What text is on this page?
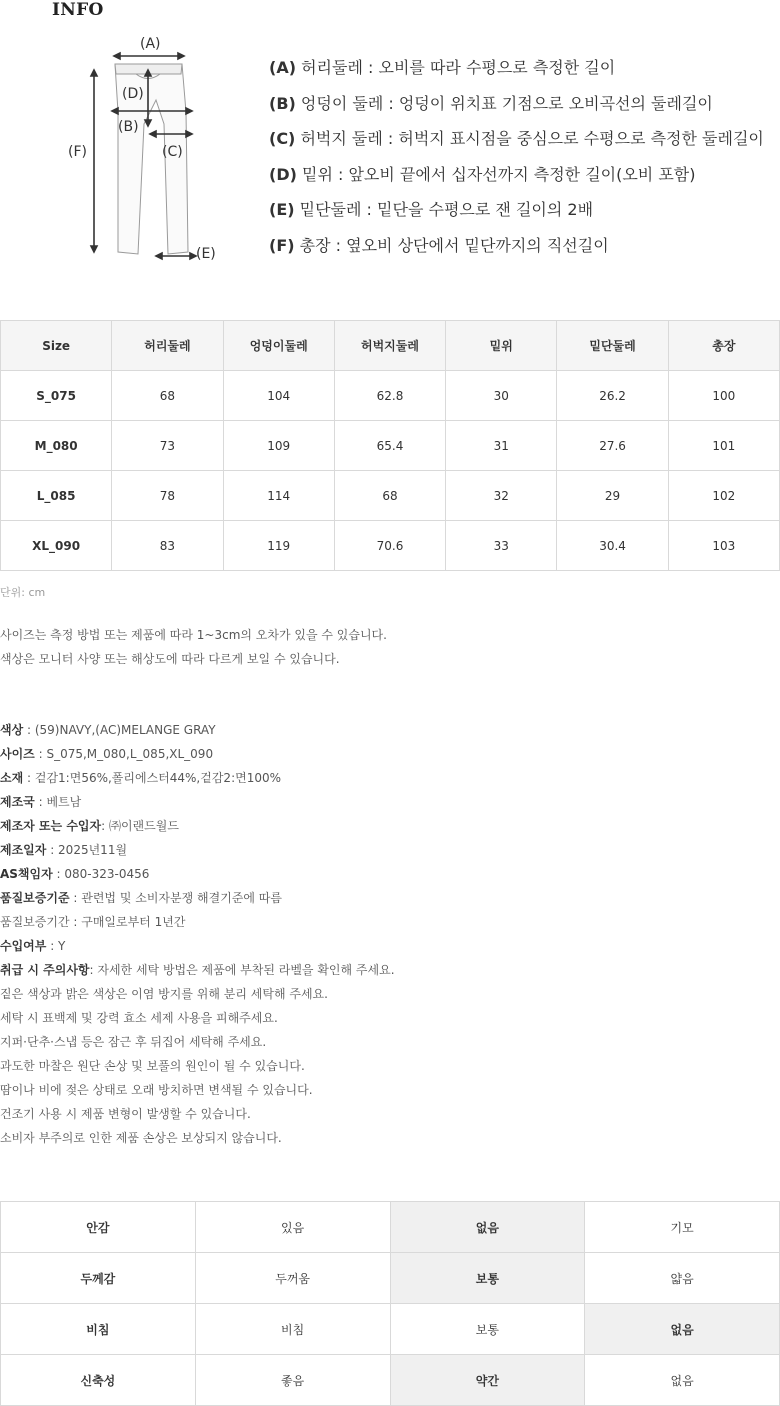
INFO
(A)
(F)
(D)
(B)
(C)
(E)
(A) 허리둘레 : 오비를 따라 수평으로 측정한 길이
(B) 엉덩이 둘레 : 엉덩이 위치표 기점으로 오비곡선의 둘레길이
(C) 허벅지 둘레 : 허벅지 표시점을 중심으로 수평으로 측정한 둘레길이
(D) 밑위 : 앞오비 끝에서 십자선까지 측정한 길이(오비 포함)
(E) 밑단둘레 : 밑단을 수평으로 잰 길이의 2배
(F) 총장 : 옆오비 상단에서 밑단까지의 직선길이
Size	허리둘레	엉덩이둘레	허벅지둘레	밑위	밑단둘레	총장
S_075	68	104	62.8	30	26.2	100
M_080	73	109	65.4	31	27.6	101
L_085	78	114	68	32	29	102
XL_090	83	119	70.6	33	30.4	103
단위: cm
사이즈는 측정 방법 또는 제품에 따라 1~3cm의 오차가 있을 수 있습니다.
색상은 모니터 사양 또는 해상도에 따라 다르게 보일 수 있습니다.
색상 : (59)NAVY,(AC)MELANGE GRAY
사이즈 : S_075,M_080,L_085,XL_090
소재 : 겉감1:면56%,폴리에스터44%,겉감2:면100%
제조국 : 베트남
제조자 또는 수입자: ㈜이랜드월드
제조일자 : 2025년11월
AS책임자 : 080-323-0456
품질보증기준 : 관련법 및 소비자분쟁 해결기준에 따름
품질보증기간 : 구매일로부터 1년간
수입여부 : Y
취급 시 주의사항: 자세한 세탁 방법은 제품에 부착된 라벨을 확인해 주세요.
짙은 색상과 밝은 색상은 이염 방지를 위해 분리 세탁해 주세요.
세탁 시 표백제 및 강력 효소 세제 사용을 피해주세요.
지퍼·단추·스냅 등은 잠근 후 뒤집어 세탁해 주세요.
과도한 마찰은 원단 손상 및 보풀의 원인이 될 수 있습니다.
땀이나 비에 젖은 상태로 오래 방치하면 변색될 수 있습니다.
건조기 사용 시 제품 변형이 발생할 수 있습니다.
소비자 부주의로 인한 제품 손상은 보상되지 않습니다.
안감	있음	없음	기모
두께감	두꺼움	보통	얇음
비침	비침	보통	없음
신축성	좋음	약간	없음
